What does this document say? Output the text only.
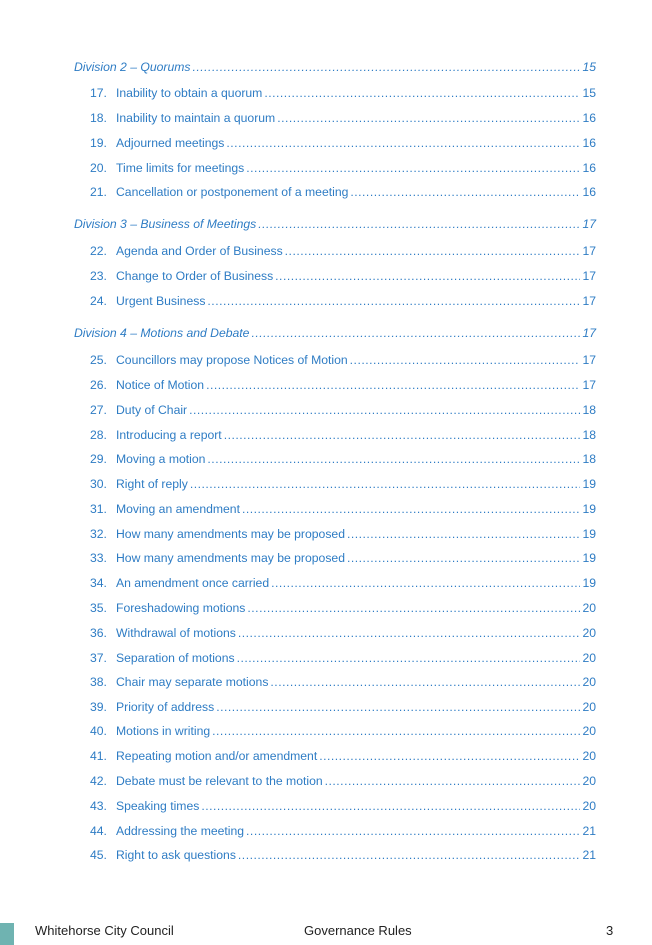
Division 2 – Quorums .....	15
17. Inability to obtain a quorum .....	15
18. Inability to maintain a quorum .....	16
19. Adjourned meetings .....	16
20. Time limits for meetings .....	16
21. Cancellation or postponement of a meeting .....	16
Division 3 – Business of Meetings .....	17
22. Agenda and Order of Business .....	17
23. Change to Order of Business .....	17
24. Urgent Business .....	17
Division 4 – Motions and Debate .....	17
25. Councillors may propose Notices of Motion .....	17
26. Notice of Motion .....	17
27. Duty of Chair .....	18
28. Introducing a report .....	18
29. Moving a motion .....	18
30. Right of reply .....	19
31. Moving an amendment .....	19
32. How many amendments may be proposed .....	19
33. How many amendments may be proposed .....	19
34. An amendment once carried .....	19
35. Foreshadowing motions .....	20
36. Withdrawal of motions .....	20
37. Separation of motions .....	20
38. Chair may separate motions .....	20
39. Priority of address .....	20
40. Motions in writing .....	20
41. Repeating motion and/or amendment .....	20
42. Debate must be relevant to the motion .....	20
43. Speaking times .....	20
44. Addressing the meeting .....	21
45. Right to ask questions .....	21
Whitehorse City Council	Governance Rules	3
